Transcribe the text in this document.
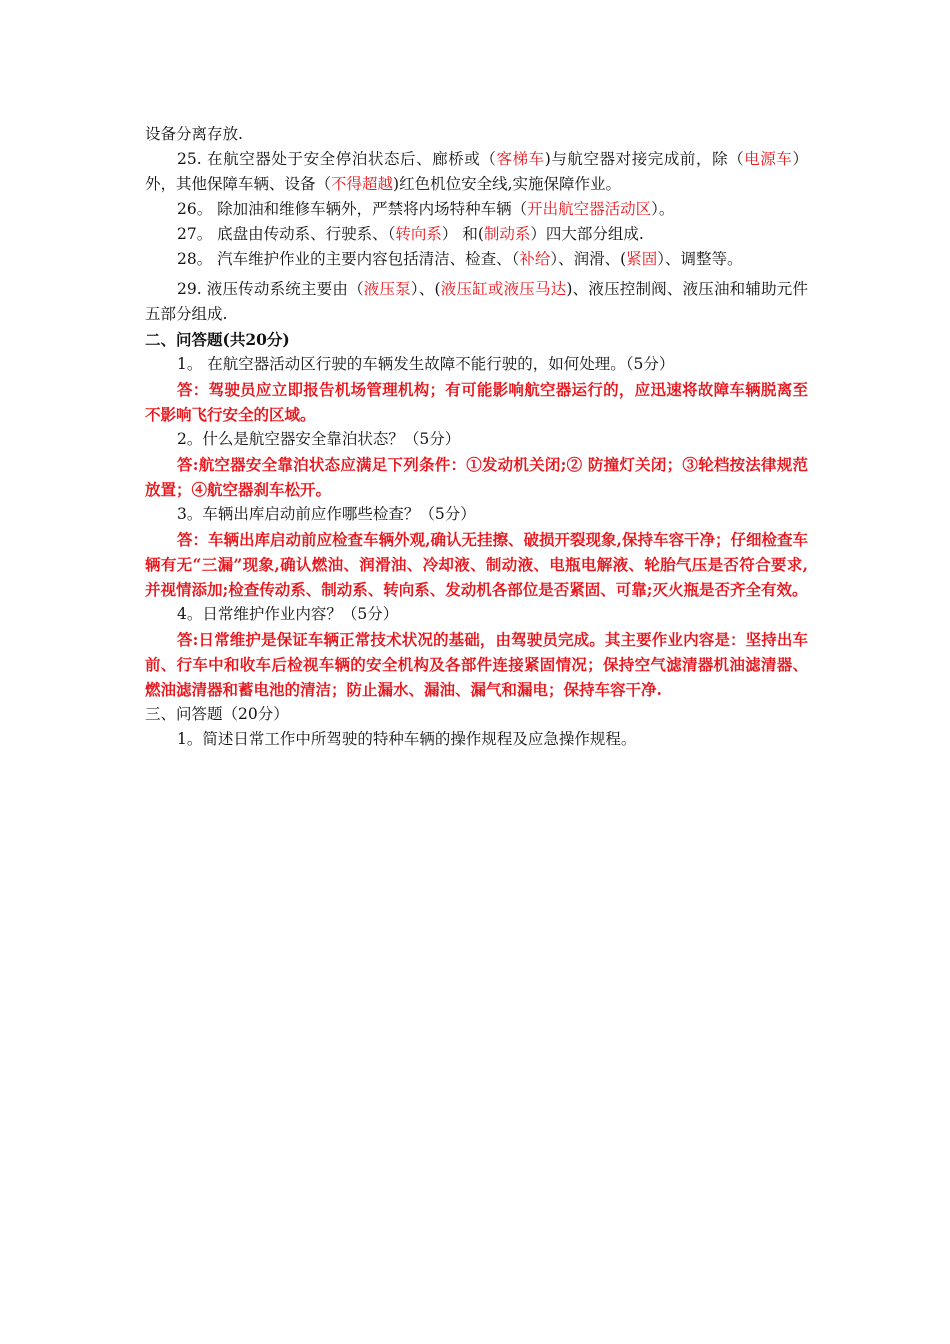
设备分离存放.

25. 在航空器处于安全停泊状态后、廊桥或（客梯车)与航空器对接完成前，除（电源车）外，其他保障车辆、设备（不得超越)红色机位安全线,实施保障作业。

26。 除加油和维修车辆外，严禁将内场特种车辆（开出航空器活动区）。

27。 底盘由传动系、行驶系、（转向系） 和(制动系）四大部分组成.

28。 汽车维护作业的主要内容包括清洁、检查、（补给）、润滑、(紧固）、调整等。

29. 液压传动系统主要由（液压泵）、(液压缸或液压马达)、液压控制阀、液压油和辅助元件五部分组成.

二、问答题(共20分)

1。 在航空器活动区行驶的车辆发生故障不能行驶的，如何处理。（5分）

答：驾驶员应立即报告机场管理机构；有可能影响航空器运行的，应迅速将故障车辆脱离至不影响飞行安全的区域。

2。什么是航空器安全靠泊状态？（5分）

答:航空器安全靠泊状态应满足下列条件：①发动机关闭;② 防撞灯关闭；③轮档按法律规范放置；④航空器刹车松开。

3。车辆出库启动前应作哪些检查？（5分）

答：车辆出库启动前应检查车辆外观,确认无挂擦、破损开裂现象,保持车容干净；仔细检查车辆有无“三漏”现象,确认燃油、润滑油、冷却液、制动液、电瓶电解液、轮胎气压是否符合要求,并视情添加;检查传动系、制动系、转向系、发动机各部位是否紧固、可靠;灭火瓶是否齐全有效。

4。日常维护作业内容？（5分）

答:日常维护是保证车辆正常技术状况的基础，由驾驶员完成。其主要作业内容是：坚持出车前、行车中和收车后检视车辆的安全机构及各部件连接紧固情况；保持空气滤清器机油滤清器、燃油滤清器和蓄电池的清洁；防止漏水、漏油、漏气和漏电；保持车容干净.

三、问答题（20分）

1。简述日常工作中所驾驶的特种车辆的操作规程及应急操作规程。
